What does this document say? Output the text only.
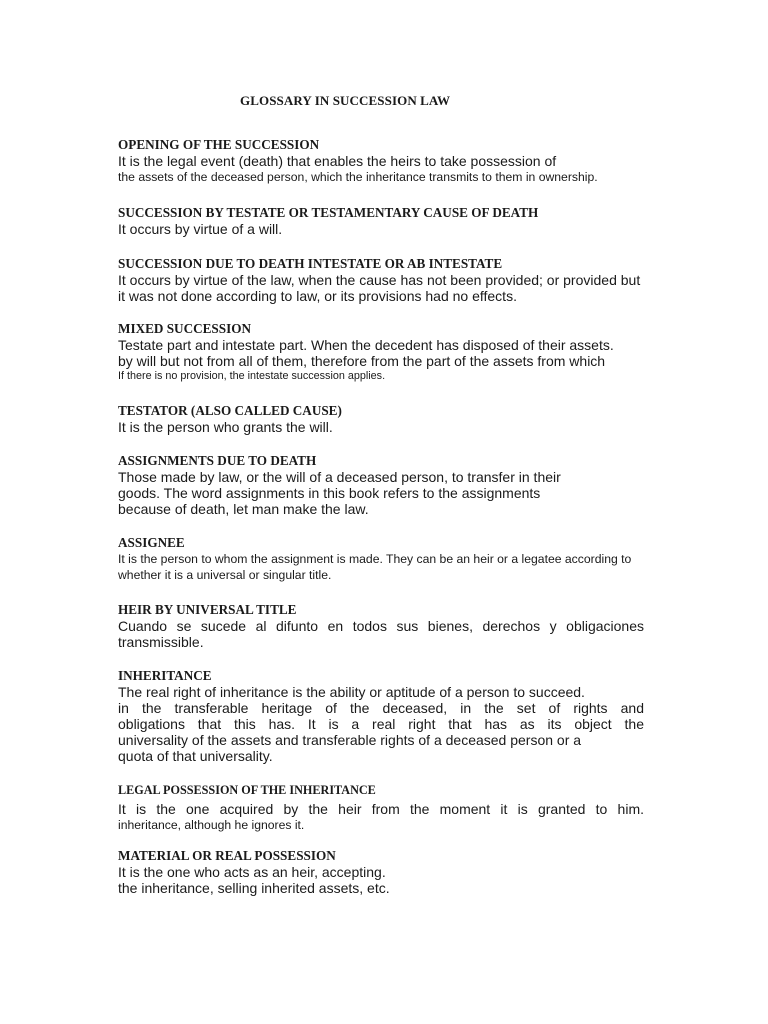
GLOSSARY IN SUCCESSION LAW

OPENING OF THE SUCCESSION

It is the legal event (death) that enables the heirs to take possession of

the assets of the deceased person, which the inheritance transmits to them in ownership.

SUCCESSION BY TESTATE OR TESTAMENTARY CAUSE OF DEATH

It occurs by virtue of a will.

SUCCESSION DUE TO DEATH INTESTATE OR AB INTESTATE

It occurs by virtue of the law, when the cause has not been provided; or provided but

it was not done according to law, or its provisions had no effects.

MIXED SUCCESSION

Testate part and intestate part. When the decedent has disposed of their assets.

by will but not from all of them, therefore from the part of the assets from which

If there is no provision, the intestate succession applies.

TESTATOR (ALSO CALLED CAUSE)

It is the person who grants the will.

ASSIGNMENTS DUE TO DEATH

Those made by law, or the will of a deceased person, to transfer in their

goods. The word assignments in this book refers to the assignments

because of death, let man make the law.

ASSIGNEE

It is the person to whom the assignment is made. They can be an heir or a legatee according to

whether it is a universal or singular title.

HEIR BY UNIVERSAL TITLE

Cuando se sucede al difunto en todos sus bienes, derechos y obligaciones

transmissible.

INHERITANCE

The real right of inheritance is the ability or aptitude of a person to succeed.

in the transferable heritage of the deceased, in the set of rights and

obligations that this has. It is a real right that has as its object the

universality of the assets and transferable rights of a deceased person or a

quota of that universality.

LEGAL POSSESSION OF THE INHERITANCE

It is the one acquired by the heir from the moment it is granted to him.

inheritance, although he ignores it.

MATERIAL OR REAL POSSESSION

It is the one who acts as an heir, accepting.

the inheritance, selling inherited assets, etc.
